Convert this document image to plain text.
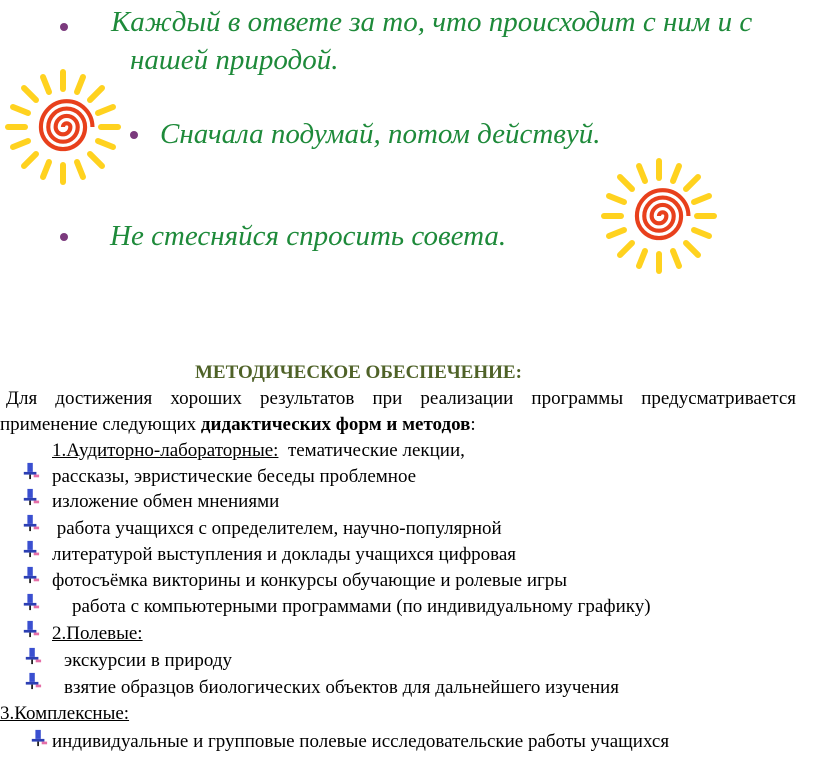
Каждый в ответе за то, что происходит с ним и с
нашей природой.
Сначала подумай, потом действуй.
Не стесняйся спросить совета.
МЕТОДИЧЕСКОЕ ОБЕСПЕЧЕНИЕ:
Для достижения хороших результатов при реализации программы предусматривается
применение следующих дидактических форм и методов:
1.Аудиторно-лабораторные:  тематические лекции,
рассказы, эвристические беседы проблемное
изложение обмен мнениями
работа учащихся с определителем, научно-популярной
литературой выступления и доклады учащихся цифровая
фотосъёмка викторины и конкурсы обучающие и ролевые игры
работа с компьютерными программами (по индивидуальному графику)
2.Полевые:
экскурсии в природу
взятие образцов биологических объектов для дальнейшего изучения
3.Комплексные:
индивидуальные и групповые полевые исследовательские работы учащихся
